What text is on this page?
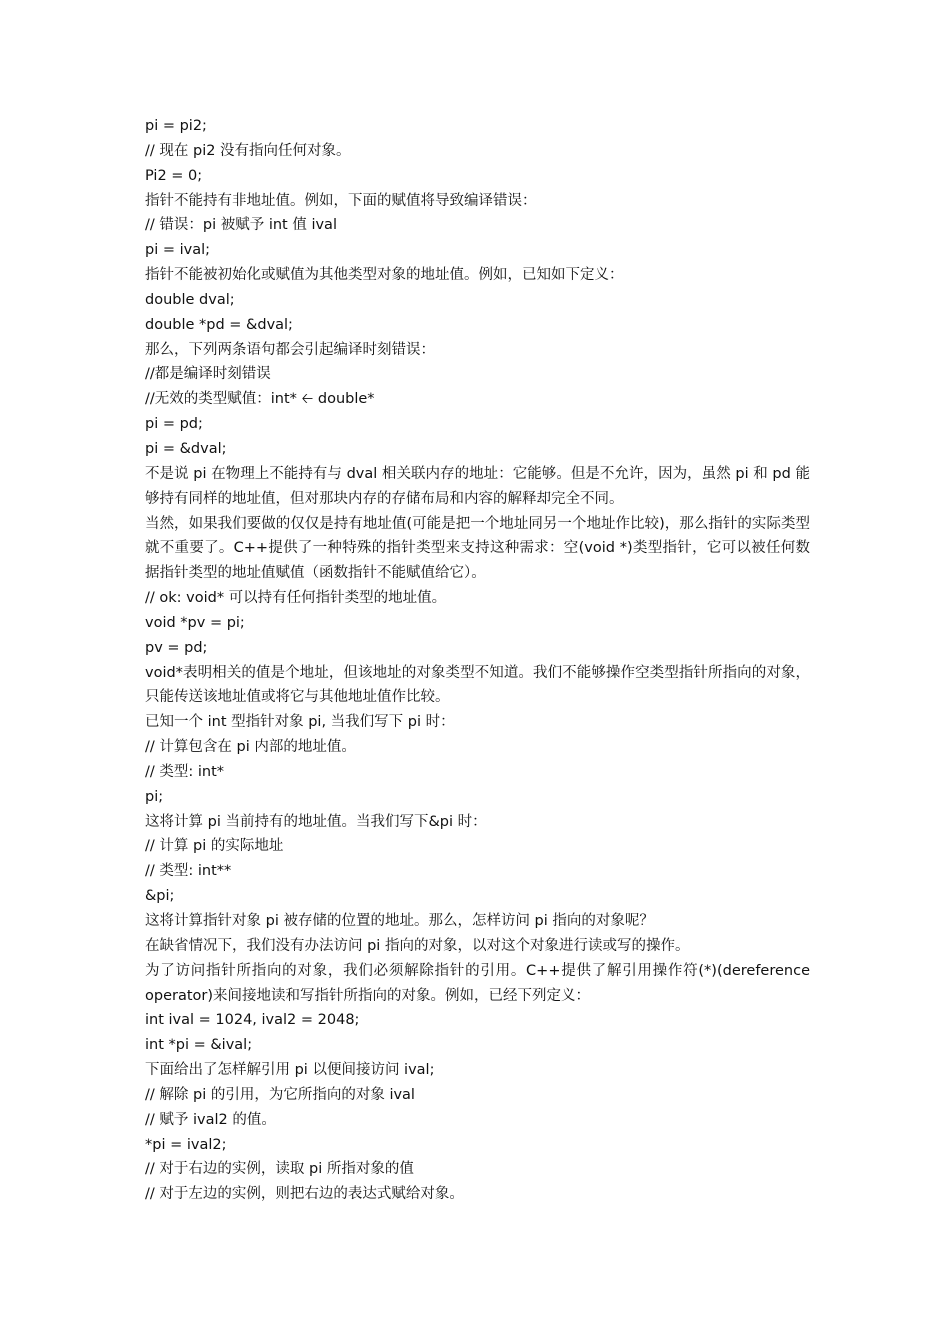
pi = pi2;
// 现在 pi2 没有指向任何对象。
Pi2 = 0;
指针不能持有非地址值。例如，下面的赋值将导致编译错误：
// 错误：pi 被赋予 int 值 ival
pi = ival;
指针不能被初始化或赋值为其他类型对象的地址值。例如，已知如下定义：
double dval;
double *pd = &dval;
那么，下列两条语句都会引起编译时刻错误：
//都是编译时刻错误
//无效的类型赋值：int* 🡠 double*
pi = pd;
pi = &dval;
不是说 pi 在物理上不能持有与 dval 相关联内存的地址：它能够。但是不允许，因为，虽然 pi 和 pd 能够持有同样的地址值，但对那块内存的存储布局和内容的解释却完全不同。
当然，如果我们要做的仅仅是持有地址值(可能是把一个地址同另一个地址作比较)，那么指针的实际类型就不重要了。C++提供了一种特殊的指针类型来支持这种需求：空(void *)类型指针，它可以被任何数据指针类型的地址值赋值（函数指针不能赋值给它）。
// ok: void* 可以持有任何指针类型的地址值。
void *pv = pi;
pv = pd;
void*表明相关的值是个地址，但该地址的对象类型不知道。我们不能够操作空类型指针所指向的对象，只能传送该地址值或将它与其他地址值作比较。
已知一个 int 型指针对象 pi, 当我们写下 pi 时：
// 计算包含在 pi 内部的地址值。
// 类型: int*
pi;
这将计算 pi 当前持有的地址值。当我们写下&pi 时：
// 计算 pi 的实际地址
// 类型: int**
&pi;
这将计算指针对象 pi 被存储的位置的地址。那么，怎样访问 pi 指向的对象呢？
在缺省情况下，我们没有办法访问 pi 指向的对象，以对这个对象进行读或写的操作。
为了访问指针所指向的对象，我们必须解除指针的引用。C++提供了解引用操作符(*)(dereference operator)来间接地读和写指针所指向的对象。例如，已经下列定义：
int ival = 1024, ival2 = 2048;
int *pi = &ival;
下面给出了怎样解引用 pi 以便间接访问 ival;
// 解除 pi 的引用，为它所指向的对象 ival
// 赋予 ival2 的值。
*pi = ival2;
// 对于右边的实例，读取 pi 所指对象的值
// 对于左边的实例，则把右边的表达式赋给对象。
